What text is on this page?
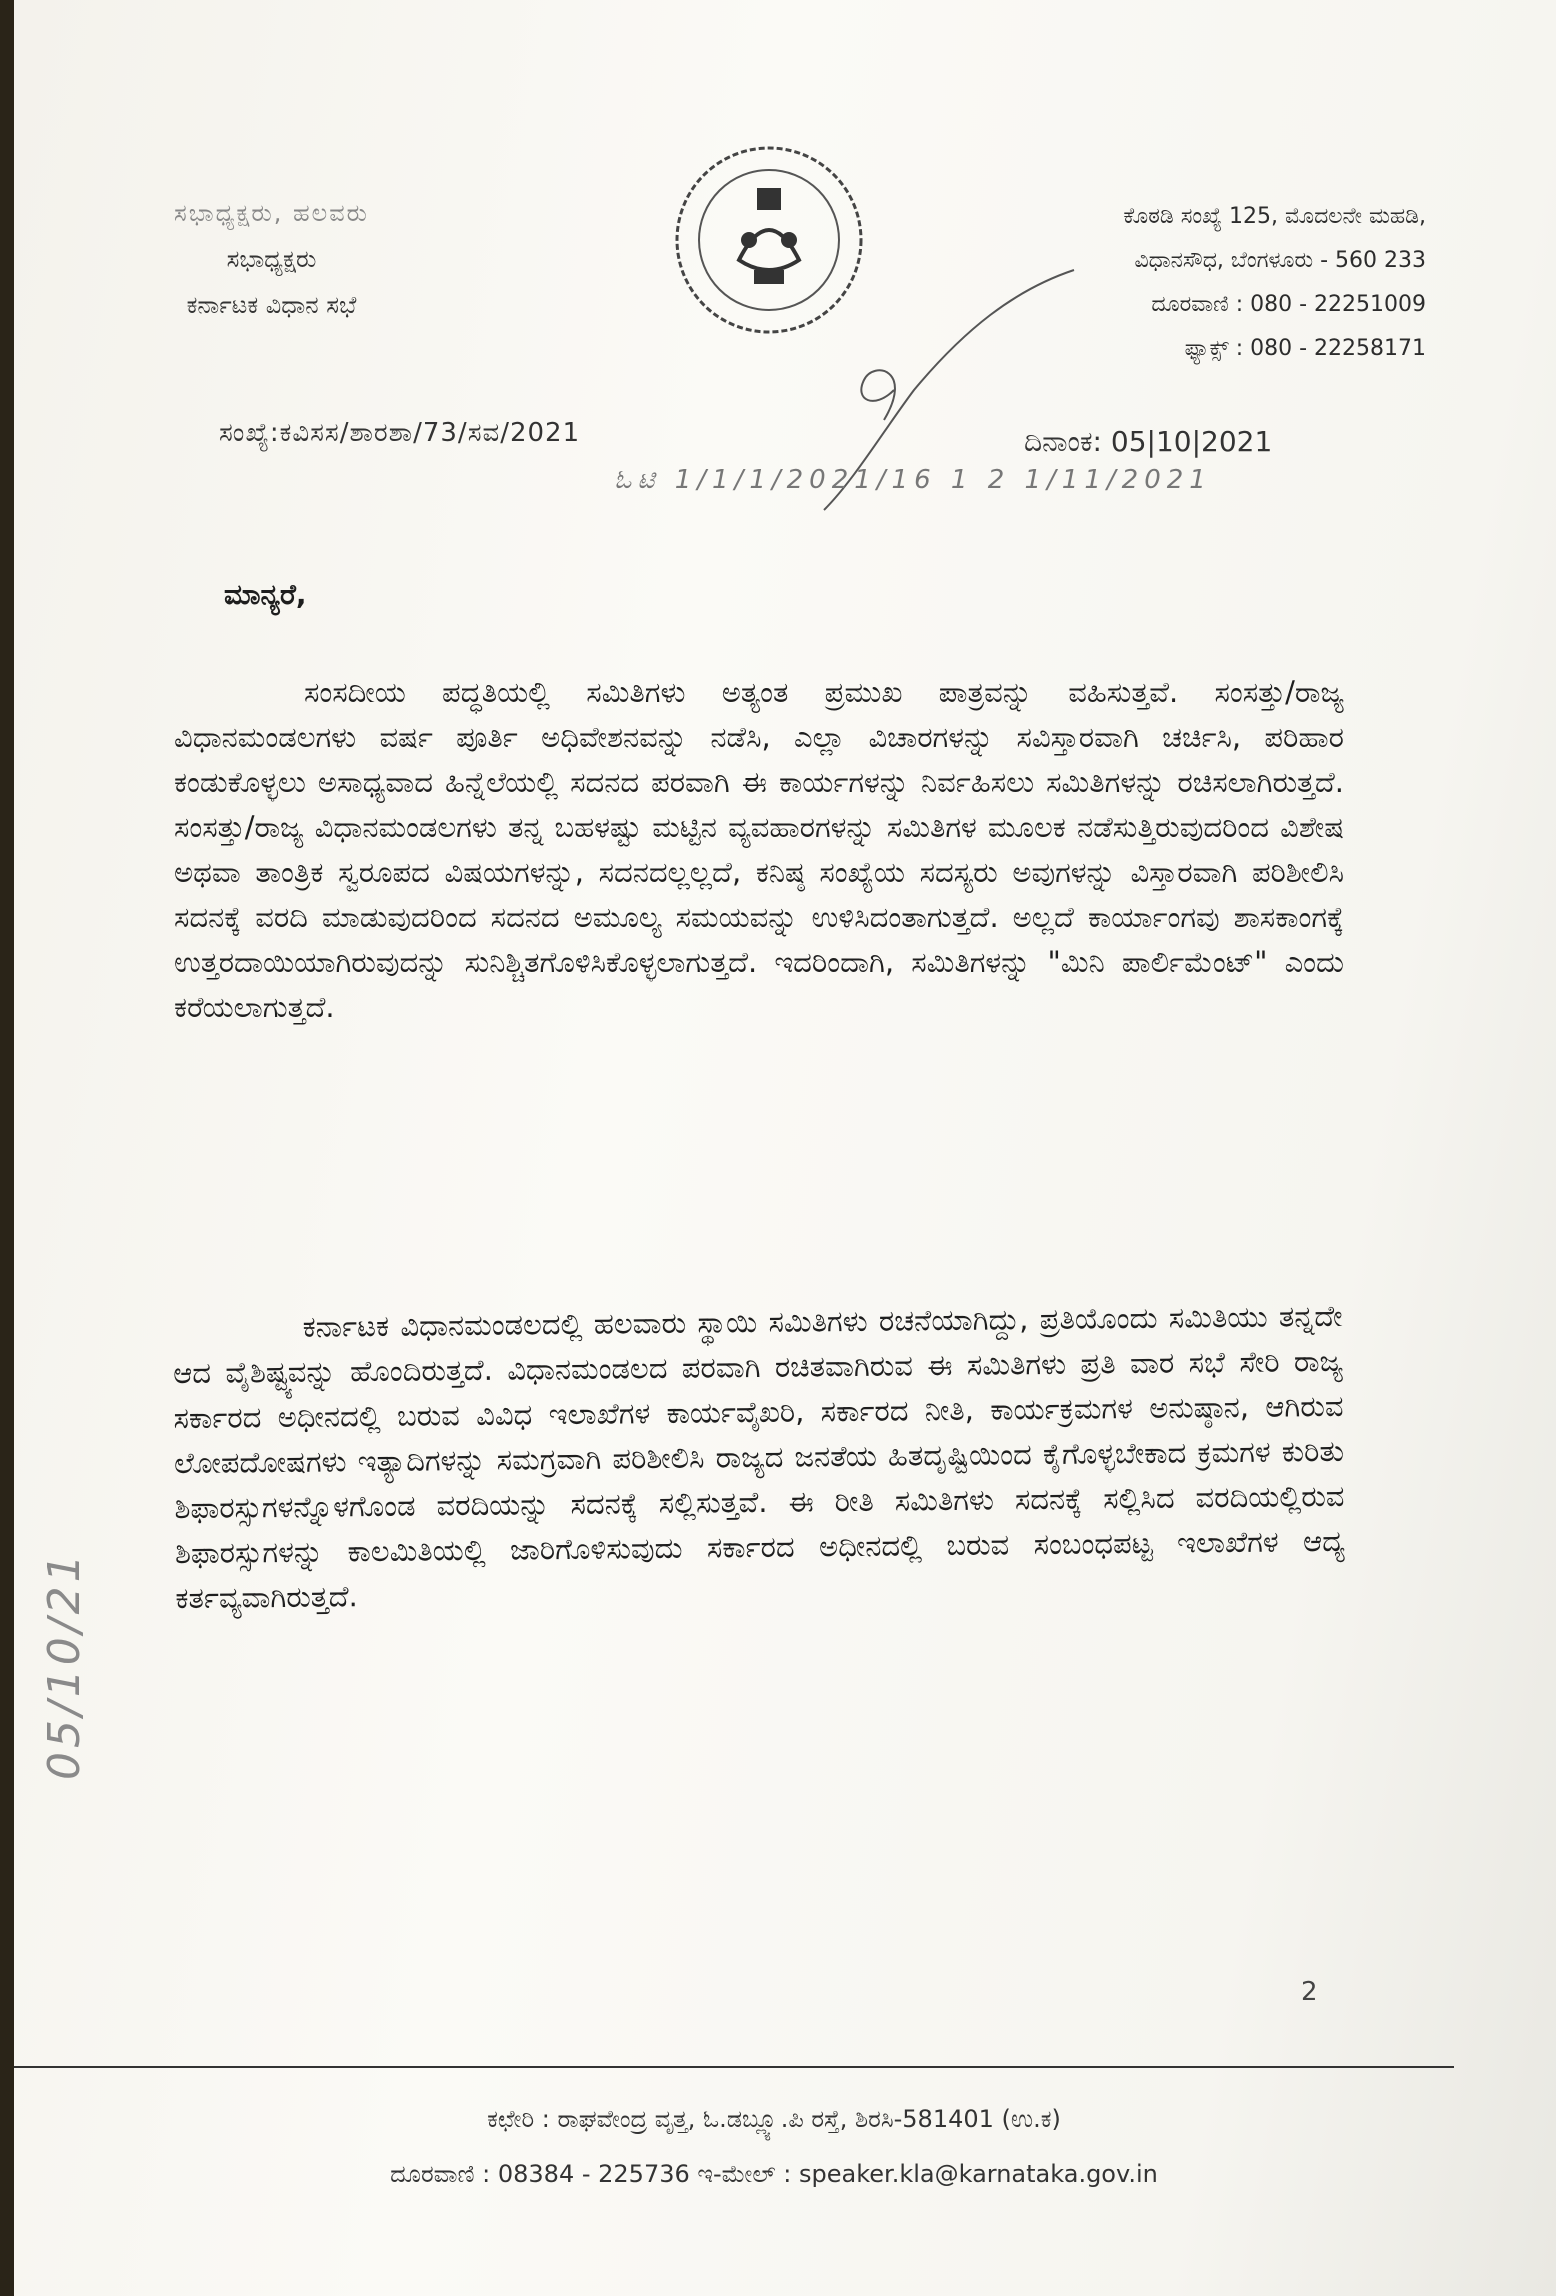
ಸಭಾಧ್ಯಕ್ಷರು, ಹಲವರು
ಸಭಾಧ್ಯಕ್ಷರು
ಕರ್ನಾಟಕ ವಿಧಾನ ಸಭೆ
ಕೊಠಡಿ ಸಂಖ್ಯೆ 125, ಮೊದಲನೇ ಮಹಡಿ,
ವಿಧಾನಸೌಧ, ಬೆಂಗಳೂರು - 560 233
ದೂರವಾಣಿ : 080 - 22251009
ಫ್ಯಾಕ್ಸ್ : 080 - 22258171
ಸಂಖ್ಯೆ:ಕವಿಸಸ/ಶಾರಶಾ/73/ಸವ/2021	ದಿನಾಂಕ: 05|10|2021
ಓಟಿ 1/1/1/2021/16 1 2 1/11/2021
ಮಾನ್ಯರೆ,
ಸಂಸದೀಯ ಪದ್ಧತಿಯಲ್ಲಿ ಸಮಿತಿಗಳು ಅತ್ಯಂತ ಪ್ರಮುಖ ಪಾತ್ರವನ್ನು ವಹಿಸುತ್ತವೆ. ಸಂಸತ್ತು/ರಾಜ್ಯ ವಿಧಾನಮಂಡಲಗಳು ವರ್ಷ ಪೂರ್ತಿ ಅಧಿವೇಶನವನ್ನು ನಡೆಸಿ, ಎಲ್ಲಾ ವಿಚಾರಗಳನ್ನು ಸವಿಸ್ತಾರವಾಗಿ ಚರ್ಚಿಸಿ, ಪರಿಹಾರ ಕಂಡುಕೊಳ್ಳಲು ಅಸಾಧ್ಯವಾದ ಹಿನ್ನೆಲೆಯಲ್ಲಿ ಸದನದ ಪರವಾಗಿ ಈ ಕಾರ್ಯಗಳನ್ನು ನಿರ್ವಹಿಸಲು ಸಮಿತಿಗಳನ್ನು ರಚಿಸಲಾಗಿರುತ್ತದೆ. ಸಂಸತ್ತು/ರಾಜ್ಯ ವಿಧಾನಮಂಡಲಗಳು ತನ್ನ ಬಹಳಷ್ಟು ಮಟ್ಟಿನ ವ್ಯವಹಾರಗಳನ್ನು ಸಮಿತಿಗಳ ಮೂಲಕ ನಡೆಸುತ್ತಿರುವುದರಿಂದ ವಿಶೇಷ ಅಥವಾ ತಾಂತ್ರಿಕ ಸ್ವರೂಪದ ವಿಷಯಗಳನ್ನು, ಸದನದಲ್ಲಲ್ಲದೆ, ಕನಿಷ್ಠ ಸಂಖ್ಯೆಯ ಸದಸ್ಯರು ಅವುಗಳನ್ನು ವಿಸ್ತಾರವಾಗಿ ಪರಿಶೀಲಿಸಿ ಸದನಕ್ಕೆ ವರದಿ ಮಾಡುವುದರಿಂದ ಸದನದ ಅಮೂಲ್ಯ ಸಮಯವನ್ನು ಉಳಿಸಿದಂತಾಗುತ್ತದೆ. ಅಲ್ಲದೆ ಕಾರ್ಯಾಂಗವು ಶಾಸಕಾಂಗಕ್ಕೆ ಉತ್ತರದಾಯಿಯಾಗಿರುವುದನ್ನು ಸುನಿಶ್ಚಿತಗೊಳಿಸಿಕೊಳ್ಳಲಾಗುತ್ತದೆ. ಇದರಿಂದಾಗಿ, ಸಮಿತಿಗಳನ್ನು "ಮಿನಿ ಪಾರ್ಲಿಮೆಂಟ್" ಎಂದು ಕರೆಯಲಾಗುತ್ತದೆ.
ಕರ್ನಾಟಕ ವಿಧಾನಮಂಡಲದಲ್ಲಿ ಹಲವಾರು ಸ್ಥಾಯಿ ಸಮಿತಿಗಳು ರಚನೆಯಾಗಿದ್ದು, ಪ್ರತಿಯೊಂದು ಸಮಿತಿಯು ತನ್ನದೇ ಆದ ವೈಶಿಷ್ಟ್ಯವನ್ನು ಹೊಂದಿರುತ್ತದೆ. ವಿಧಾನಮಂಡಲದ ಪರವಾಗಿ ರಚಿತವಾಗಿರುವ ಈ ಸಮಿತಿಗಳು ಪ್ರತಿ ವಾರ ಸಭೆ ಸೇರಿ ರಾಜ್ಯ ಸರ್ಕಾರದ ಅಧೀನದಲ್ಲಿ ಬರುವ ವಿವಿಧ ಇಲಾಖೆಗಳ ಕಾರ್ಯವೈಖರಿ, ಸರ್ಕಾರದ ನೀತಿ, ಕಾರ್ಯಕ್ರಮಗಳ ಅನುಷ್ಠಾನ, ಆಗಿರುವ ಲೋಪದೋಷಗಳು ಇತ್ಯಾದಿಗಳನ್ನು ಸಮಗ್ರವಾಗಿ ಪರಿಶೀಲಿಸಿ ರಾಜ್ಯದ ಜನತೆಯ ಹಿತದೃಷ್ಟಿಯಿಂದ ಕೈಗೊಳ್ಳಬೇಕಾದ ಕ್ರಮಗಳ ಕುರಿತು ಶಿಫಾರಸ್ಸುಗಳನ್ನೊಳಗೊಂಡ ವರದಿಯನ್ನು ಸದನಕ್ಕೆ ಸಲ್ಲಿಸುತ್ತವೆ. ಈ ರೀತಿ ಸಮಿತಿಗಳು ಸದನಕ್ಕೆ ಸಲ್ಲಿಸಿದ ವರದಿಯಲ್ಲಿರುವ ಶಿಫಾರಸ್ಸುಗಳನ್ನು ಕಾಲಮಿತಿಯಲ್ಲಿ ಜಾರಿಗೊಳಿಸುವುದು ಸರ್ಕಾರದ ಅಧೀನದಲ್ಲಿ ಬರುವ ಸಂಬಂಧಪಟ್ಟ ಇಲಾಖೆಗಳ ಆದ್ಯ ಕರ್ತವ್ಯವಾಗಿರುತ್ತದೆ.
05/10/21
2
ಕಛೇರಿ : ರಾಘವೇಂದ್ರ ವೃತ್ತ, ಓ.ಡಬ್ಲ್ಯೂ.ಪಿ ರಸ್ತೆ, ಶಿರಸಿ-581401 (ಉ.ಕ)
ದೂರವಾಣಿ : 08384 - 225736 ಇ-ಮೇಲ್ : speaker.kla@karnataka.gov.in
